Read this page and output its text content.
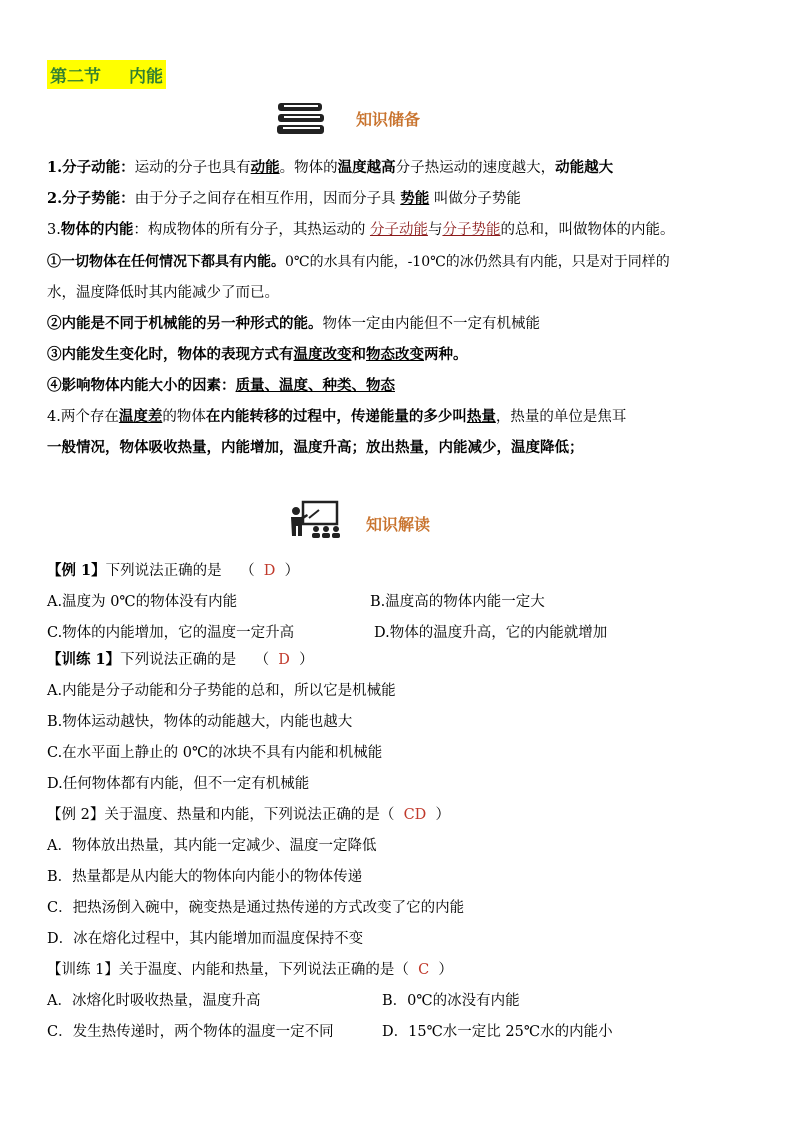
第二节 内能
知识储备
1.分子动能：运动的分子也具有动能。物体的温度越高分子热运动的速度越大，动能越大
2.分子势能：由于分子之间存在相互作用，因而分子具 势能 叫做分子势能
3.物体的内能：构成物体的所有分子，其热运动的 分子动能与分子势能的总和，叫做物体的内能。
①一切物体在任何情况下都具有内能。0℃的水具有内能，-10℃的冰仍然具有内能，只是对于同样的
水，温度降低时其内能减少了而已。
②内能是不同于机械能的另一种形式的能。物体一定由内能但不一定有机械能
③内能发生变化时，物体的表现方式有温度改变和物态改变两种。
④影响物体内能大小的因素：质量、温度、种类、物态
4.两个存在温度差的物体在内能转移的过程中，传递能量的多少叫热量，热量的单位是焦耳
一般情况，物体吸收热量，内能增加，温度升高；放出热量，内能减少，温度降低；
知识解读
【例 1】下列说法正确的是 （ D ）
A.温度为 0℃的物体没有内能	B.温度高的物体内能一定大
C.物体的内能增加，它的温度一定升高	D.物体的温度升高，它的内能就增加
【训练 1】下列说法正确的是 （ D ）
A.内能是分子动能和分子势能的总和，所以它是机械能
B.物体运动越快，物体的动能越大，内能也越大
C.在水平面上静止的 0℃的冰块不具有内能和机械能
D.任何物体都有内能，但不一定有机械能
【例 2】关于温度、热量和内能，下列说法正确的是（ CD ）
A．物体放出热量，其内能一定减少、温度一定降低
B．热量都是从内能大的物体向内能小的物体传递
C．把热汤倒入碗中，碗变热是通过热传递的方式改变了它的内能
D．冰在熔化过程中，其内能增加而温度保持不变
【训练 1】关于温度、内能和热量，下列说法正确的是（ C ）
A．冰熔化时吸收热量，温度升高	B．0℃的冰没有内能
C．发生热传递时，两个物体的温度一定不同	D．15℃水一定比 25℃水的内能小
